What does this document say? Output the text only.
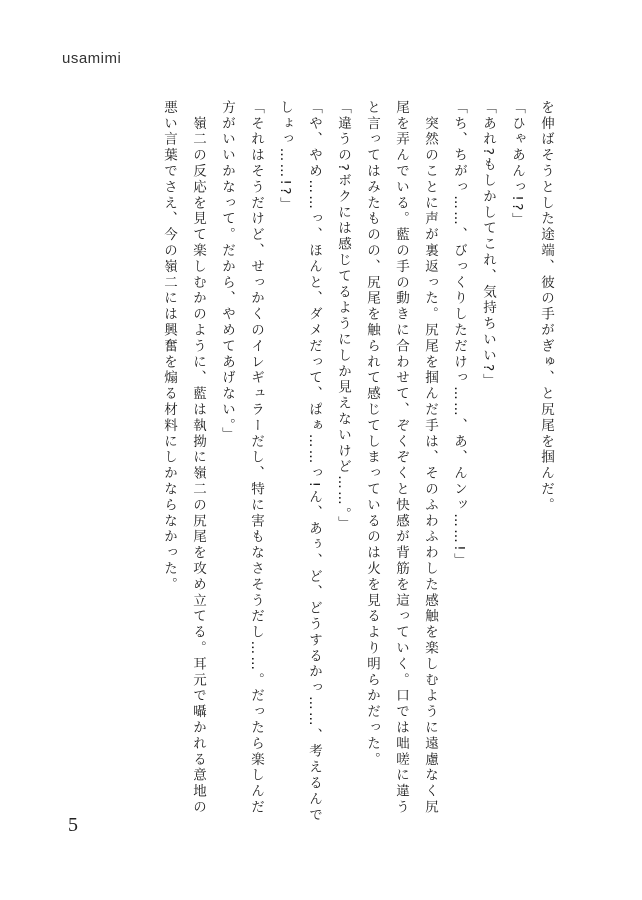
usamimi

を伸ばそうとした途端、彼の手がぎゅ、と尻尾を掴んだ。

「ひゃあんっ!?」

「あれ?もしかしてこれ、気持ちいい?」

「ち、ちがっ……、びっくりしただけっ……、あ、んンッ……!」

　突然のことに声が裏返った。尻尾を掴んだ手は、そのふわふわした感触を楽しむように遠慮なく尻尾を弄んでいる。藍の手の動きに合わせて、ぞくぞくと快感が背筋を這っていく。口では咄嗟に違うと言ってはみたものの、尻尾を触られて感じてしまっているのは火を見るより明らかだった。

「違うの?ボクには感じてるようにしか見えないけど……。」

「や、やめ……っ、ほんと、ダメだって、ぱぁ……っ!ん、あぅ、ど、どうするかっ……、考えるんでしょっ……!?」

「それはそうだけど、せっかくのイレギュラーだし、特に害もなさそうだし……。だったら楽しんだ方がいいかなって。だから、やめてあげない。」

　嶺二の反応を見て楽しむかのように、藍は執拗に嶺二の尻尾を攻め立てる。耳元で囁かれる意地の悪い言葉でさえ、今の嶺二には興奮を煽る材料にしかならなかった。

5
